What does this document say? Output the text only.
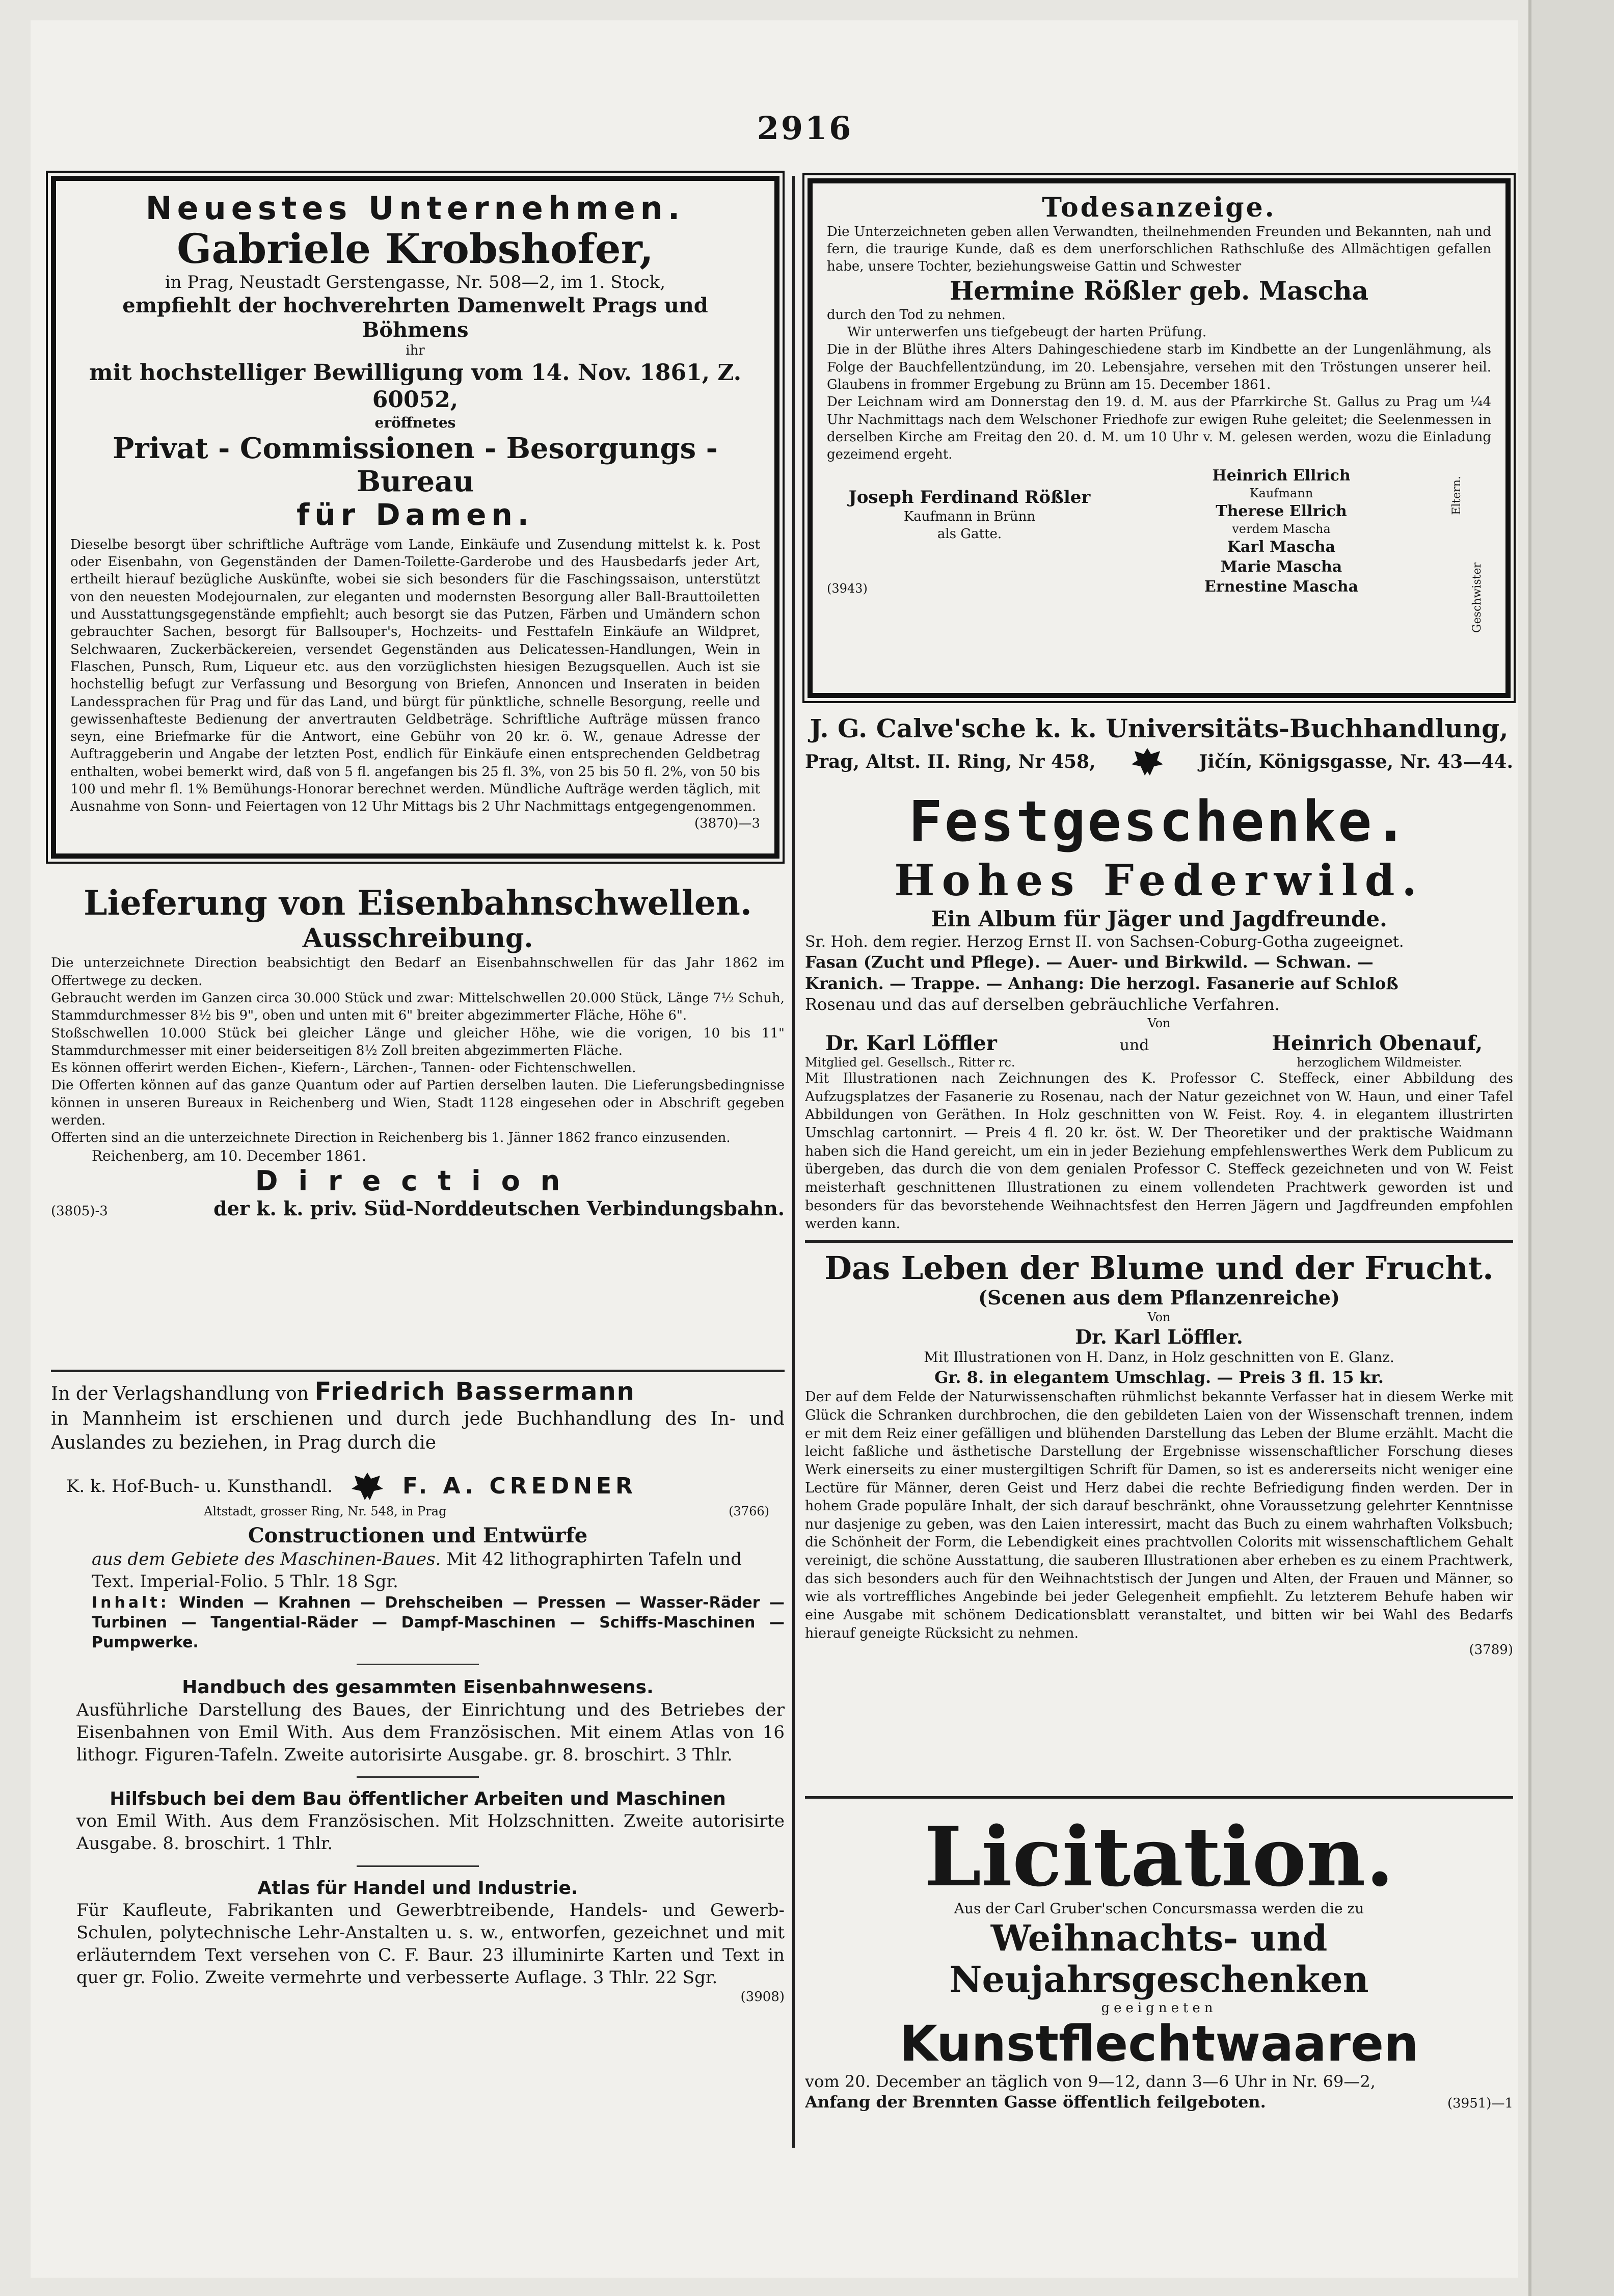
2916

Neuestes Unternehmen.

Gabriele Krobshofer,

in Prag, Neustadt Gerstengasse, Nr. 508—2, im 1. Stock,

empfiehlt der hochverehrten Damenwelt Prags und Böhmens

ihr

mit hochstelliger Bewilligung vom 14. Nov. 1861, Z. 60052,

eröffnetes

Privat - Commissionen - Besorgungs - Bureau

für Damen.

Dieselbe besorgt über schriftliche Aufträge vom Lande, Einkäufe und Zusendung mittelst k. k. Post oder Eisenbahn, von Gegenständen der Damen-Toilette-Garderobe und des Hausbedarfs jeder Art, ertheilt hierauf bezügliche Auskünfte, wobei sie sich besonders für die Faschingssaison, unterstützt von den neuesten Modejournalen, zur eleganten und modernsten Besorgung aller Ball-Brauttoiletten und Ausstattungsgegenstände empfiehlt; auch besorgt sie das Putzen, Färben und Umändern schon gebrauchter Sachen, besorgt für Ballsouper's, Hochzeits- und Festtafeln Einkäufe an Wildpret, Selchwaaren, Zuckerbäckereien, versendet Gegenständen aus Delicatessen-Handlungen, Wein in Flaschen, Punsch, Rum, Liqueur etc. aus den vorzüglichsten hiesigen Bezugsquellen. Auch ist sie hochstellig befugt zur Verfassung und Besorgung von Briefen, Annoncen und Inseraten in beiden Landessprachen für Prag und für das Land, und bürgt für pünktliche, schnelle Besorgung, reelle und gewissenhafteste Bedienung der anvertrauten Geldbeträge. Schriftliche Aufträge müssen franco seyn, eine Briefmarke für die Antwort, eine Gebühr von 20 kr. ö. W., genaue Adresse der Auftraggeberin und Angabe der letzten Post, endlich für Einkäufe einen entsprechenden Geldbetrag enthalten, wobei bemerkt wird, daß von 5 fl. angefangen bis 25 fl. 3%, von 25 bis 50 fl. 2%, von 50 bis 100 und mehr fl. 1% Bemühungs-Honorar berechnet werden. Mündliche Aufträge werden täglich, mit Ausnahme von Sonn- und Feiertagen von 12 Uhr Mittags bis 2 Uhr Nachmittags entgegengenommen.

(3870)—3

Lieferung von Eisenbahnschwellen.

Ausschreibung.

Die unterzeichnete Direction beabsichtigt den Bedarf an Eisenbahnschwellen für das Jahr 1862 im Offertwege zu decken.

Gebraucht werden im Ganzen circa 30.000 Stück und zwar: Mittelschwellen 20.000 Stück, Länge 7½ Schuh, Stammdurchmesser 8½ bis 9", oben und unten mit 6" breiter abgezimmerter Fläche, Höhe 6".

Stoßschwellen 10.000 Stück bei gleicher Länge und gleicher Höhe, wie die vorigen, 10 bis 11" Stammdurchmesser mit einer beiderseitigen 8½ Zoll breiten abgezimmerten Fläche.

Es können offerirt werden Eichen-, Kiefern-, Lärchen-, Tannen- oder Fichtenschwellen.

Die Offerten können auf das ganze Quantum oder auf Partien derselben lauten. Die Lieferungsbedingnisse können in unseren Bureaux in Reichenberg und Wien, Stadt 1128 eingesehen oder in Abschrift gegeben werden.

Offerten sind an die unterzeichnete Direction in Reichenberg bis 1. Jänner 1862 franco einzusenden.

Reichenberg, am 10. December 1861.

Direction

(3805)-3	der k. k. priv. Süd-Norddeutschen Verbindungsbahn.

In der Verlagshandlung von Friedrich Bassermann

in Mannheim ist erschienen und durch jede Buchhandlung des In- und Auslandes zu beziehen, in Prag durch die

K. k. Hof-Buch- u. Kunsthandl.	F. A. CREDNER
Altstadt, grosser Ring, Nr. 548, in Prag	(3766)

Constructionen und Entwürfe

aus dem Gebiete des Maschinen-Baues. Mit 42 lithographirten Tafeln und Text. Imperial-Folio. 5 Thlr. 18 Sgr.

Inhalt: Winden — Krahnen — Drehscheiben — Pressen — Wasser-Räder — Turbinen — Tangential-Räder — Dampf-Maschinen — Schiffs-Maschinen — Pumpwerke.

Handbuch des gesammten Eisenbahnwesens.

Ausführliche Darstellung des Baues, der Einrichtung und des Betriebes der Eisenbahnen von Emil With. Aus dem Französischen. Mit einem Atlas von 16 lithogr. Figuren-Tafeln. Zweite autorisirte Ausgabe. gr. 8. broschirt. 3 Thlr.

Hilfsbuch bei dem Bau öffentlicher Arbeiten und Maschinen

von Emil With. Aus dem Französischen. Mit Holzschnitten. Zweite autorisirte Ausgabe. 8. broschirt. 1 Thlr.

Atlas für Handel und Industrie.

Für Kaufleute, Fabrikanten und Gewerbtreibende, Handels- und Gewerb-Schulen, polytechnische Lehr-Anstalten u. s. w., entworfen, gezeichnet und mit erläuterndem Text versehen von C. F. Baur. 23 illuminirte Karten und Text in quer gr. Folio. Zweite vermehrte und verbesserte Auflage. 3 Thlr. 22 Sgr.

(3908)

Todesanzeige.

Die Unterzeichneten geben allen Verwandten, theilnehmenden Freunden und Bekannten, nah und fern, die traurige Kunde, daß es dem unerforschlichen Rathschluße des Allmächtigen gefallen habe, unsere Tochter, beziehungsweise Gattin und Schwester

Hermine Rößler geb. Mascha

durch den Tod zu nehmen.

Wir unterwerfen uns tiefgebeugt der harten Prüfung.

Die in der Blüthe ihres Alters Dahingeschiedene starb im Kindbette an der Lungenlähmung, als Folge der Bauchfellentzündung, im 20. Lebensjahre, versehen mit den Tröstungen unserer heil. Glaubens in frommer Ergebung zu Brünn am 15. December 1861.

Der Leichnam wird am Donnerstag den 19. d. M. aus der Pfarrkirche St. Gallus zu Prag um ¼4 Uhr Nachmittags nach dem Welschoner Friedhofe zur ewigen Ruhe geleitet; die Seelenmessen in derselben Kirche am Freitag den 20. d. M. um 10 Uhr v. M. gelesen werden, wozu die Einladung gezeimend ergeht.

Joseph Ferdinand Rößler

Kaufmann in Brünn

als Gatte.

Heinrich Ellrich

Kaufmann

Therese Ellrich

verdem Mascha

Karl Mascha

Marie Mascha

Ernestine Mascha

Eltern.
Geschwister

(3943)

J. G. Calve'sche k. k. Universitäts-Buchhandlung,

Prag, Altst. II. Ring, Nr 458,	Jičín, Königsgasse, Nr. 43—44.

Festgeschenke.

Hohes Federwild.

Ein Album für Jäger und Jagdfreunde.

Sr. Hoh. dem regier. Herzog Ernst II. von Sachsen-Coburg-Gotha zugeeignet.

Fasan (Zucht und Pflege). — Auer- und Birkwild. — Schwan. —

Kranich. — Trappe. — Anhang: Die herzogl. Fasanerie auf Schloß

Rosenau und das auf derselben gebräuchliche Verfahren.

Von

Dr. Karl Löffler	und	Heinrich Obenauf,
Mitglied gel. Gesellsch., Ritter rc.	herzoglichem Wildmeister.

Mit Illustrationen nach Zeichnungen des K. Professor C. Steffeck, einer Abbildung des Aufzugsplatzes der Fasanerie zu Rosenau, nach der Natur gezeichnet von W. Haun, und einer Tafel Abbildungen von Geräthen. In Holz geschnitten von W. Feist. Roy. 4. in elegantem illustrirten Umschlag cartonnirt. — Preis 4 fl. 20 kr. öst. W. Der Theoretiker und der praktische Waidmann haben sich die Hand gereicht, um ein in jeder Beziehung empfehlenswerthes Werk dem Publicum zu übergeben, das durch die von dem genialen Professor C. Steffeck gezeichneten und von W. Feist meisterhaft geschnittenen Illustrationen zu einem vollendeten Prachtwerk geworden ist und besonders für das bevorstehende Weihnachtsfest den Herren Jägern und Jagdfreunden empfohlen werden kann.

Das Leben der Blume und der Frucht.

(Scenen aus dem Pflanzenreiche)

Von

Dr. Karl Löffler.

Mit Illustrationen von H. Danz, in Holz geschnitten von E. Glanz.

Gr. 8. in elegantem Umschlag. — Preis 3 fl. 15 kr.

Der auf dem Felde der Naturwissenschaften rühmlichst bekannte Verfasser hat in diesem Werke mit Glück die Schranken durchbrochen, die den gebildeten Laien von der Wissenschaft trennen, indem er mit dem Reiz einer gefälligen und blühenden Darstellung das Leben der Blume erzählt. Macht die leicht faßliche und ästhetische Darstellung der Ergebnisse wissenschaftlicher Forschung dieses Werk einerseits zu einer mustergiltigen Schrift für Damen, so ist es andererseits nicht weniger eine Lectüre für Männer, deren Geist und Herz dabei die rechte Befriedigung finden werden. Der in hohem Grade populäre Inhalt, der sich darauf beschränkt, ohne Voraussetzung gelehrter Kenntnisse nur dasjenige zu geben, was den Laien interessirt, macht das Buch zu einem wahrhaften Volksbuch; die Schönheit der Form, die Lebendigkeit eines prachtvollen Colorits mit wissenschaftlichem Gehalt vereinigt, die schöne Ausstattung, die sauberen Illustrationen aber erheben es zu einem Prachtwerk, das sich besonders auch für den Weihnachtstisch der Jungen und Alten, der Frauen und Männer, so wie als vortreffliches Angebinde bei jeder Gelegenheit empfiehlt. Zu letzterem Behufe haben wir eine Ausgabe mit schönem Dedicationsblatt veranstaltet, und bitten wir bei Wahl des Bedarfs hierauf geneigte Rücksicht zu nehmen.

(3789)

Licitation.

Aus der Carl Gruber'schen Concursmassa werden die zu

Weihnachts- und Neujahrsgeschenken

geeigneten

Kunstflechtwaaren

vom 20. December an täglich von 9—12, dann 3—6 Uhr in Nr. 69—2,

Anfang der Brennten Gasse öffentlich feilgeboten.	(3951)—1
